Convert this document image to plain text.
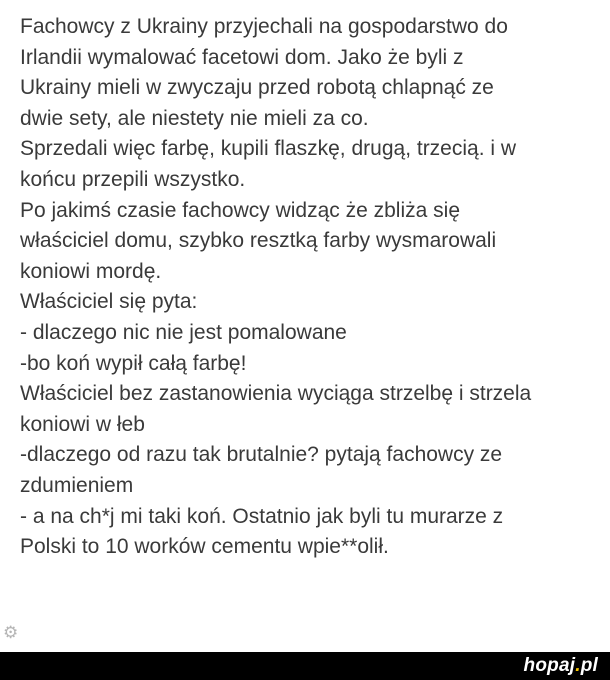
Fachowcy z Ukrainy przyjechali na gospodarstwo do
Irlandii wymalować facetowi dom. Jako że byli z
Ukrainy mieli w zwyczaju przed robotą chlapnąć ze
dwie sety, ale niestety nie mieli za co.
Sprzedali więc farbę, kupili flaszkę, drugą, trzecią. i w
końcu przepili wszystko.
Po jakimś czasie fachowcy widząc że zbliża się
właściciel domu, szybko resztką farby wysmarowali
koniowi mordę.
Właściciel się pyta:
- dlaczego nic nie jest pomalowane
-bo koń wypił całą farbę!
Właściciel bez zastanowienia wyciąga strzelbę i strzela
koniowi w łeb
-dlaczego od razu tak brutalnie? pytają fachowcy ze
zdumieniem
- a na ch*j mi taki koń. Ostatnio jak byli tu murarze z
Polski to 10 worków cementu wpie**olił.
⚙
hopaj.pl
